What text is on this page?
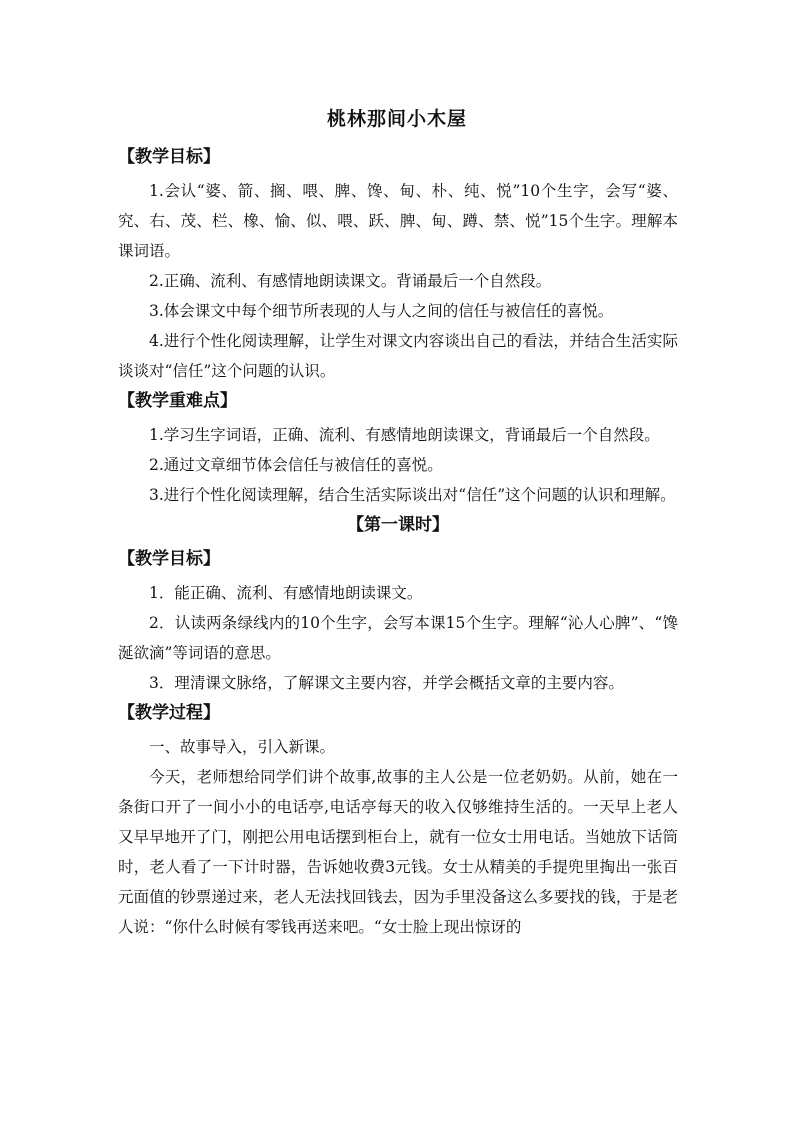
桃林那间小木屋

【教学目标】

1.会认“婆、箭、搁、喂、脾、馋、甸、朴、纯、悦”10个生字，会写“婆、究、右、茂、栏、橡、愉、似、喂、跃、脾、甸、蹲、禁、悦”15个生字。理解本课词语。

2.正确、流利、有感情地朗读课文。背诵最后一个自然段。

3.体会课文中每个细节所表现的人与人之间的信任与被信任的喜悦。

4.进行个性化阅读理解，让学生对课文内容谈出自己的看法，并结合生活实际谈谈对“信任”这个问题的认识。

【教学重难点】

1.学习生字词语，正确、流利、有感情地朗读课文，背诵最后一个自然段。

2.通过文章细节体会信任与被信任的喜悦。

3.进行个性化阅读理解，结合生活实际谈出对“信任”这个问题的认识和理解。

【第一课时】

【教学目标】

1．能正确、流利、有感情地朗读课文。

2．认读两条绿线内的10个生字，会写本课15个生字。理解“沁人心脾”、“馋涎欲滴”等词语的意思。

3．理清课文脉络，了解课文主要内容，并学会概括文章的主要内容。

【教学过程】

一、故事导入，引入新课。

今天，老师想给同学们讲个故事,故事的主人公是一位老奶奶。从前，她在一条街口开了一间小小的电话亭,电话亭每天的收入仅够维持生活的。一天早上老人又早早地开了门，刚把公用电话摆到柜台上，就有一位女士用电话。当她放下话筒时，老人看了一下计时器，告诉她收费3元钱。女士从精美的手提兜里掏出一张百元面值的钞票递过来，老人无法找回钱去，因为手里没备这么多要找的钱，于是老人说：“你什么时候有零钱再送来吧。“女士脸上现出惊讶的
